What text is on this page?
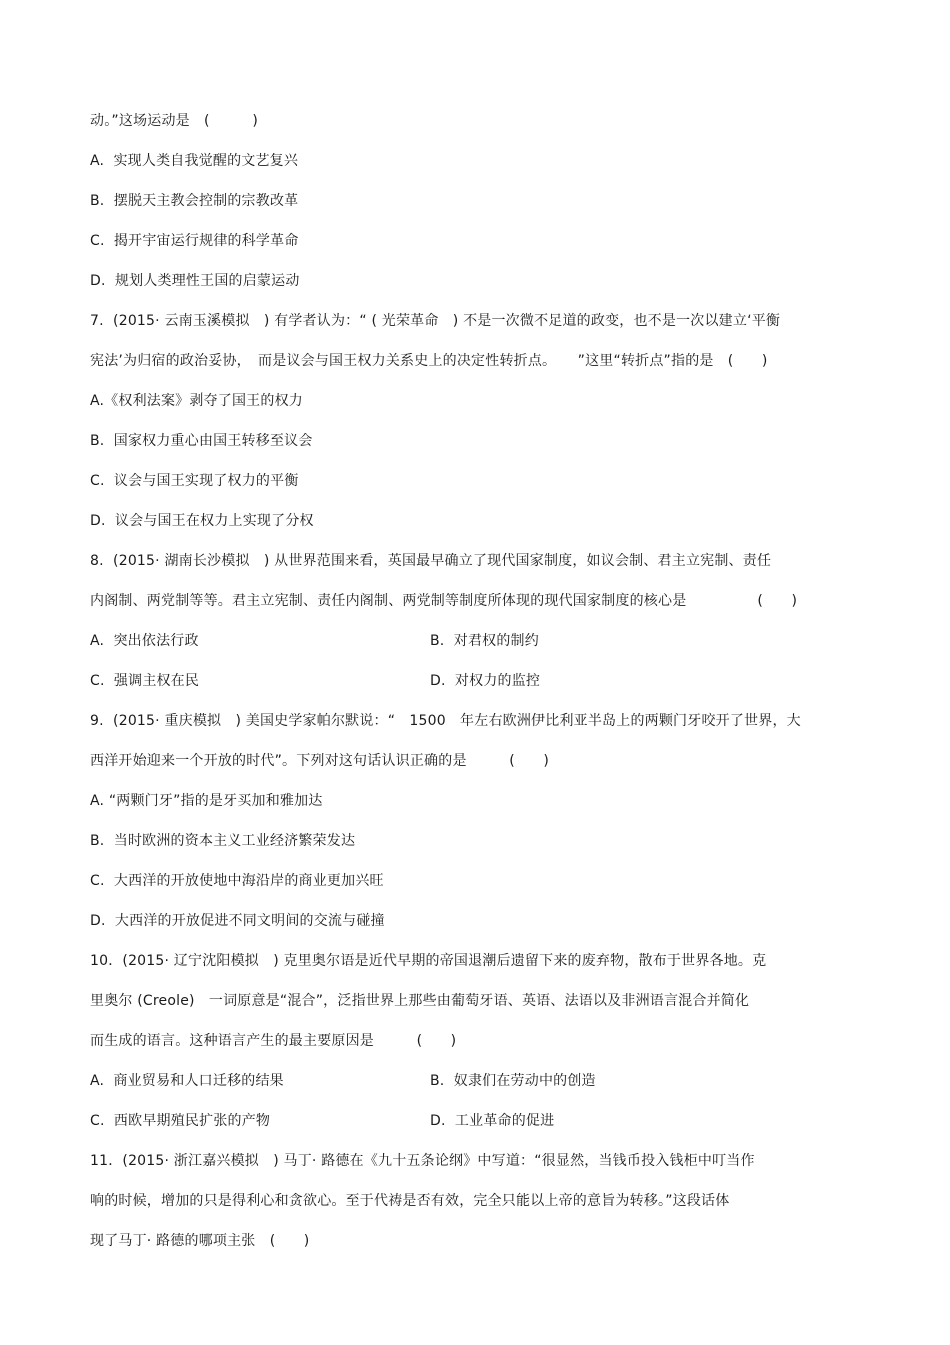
动。”这场运动是　(　　　)
A.  实现人类自我觉醒的文艺复兴
B.  摆脱天主教会控制的宗教改革
C.  揭开宇宙运行规律的科学革命
D.  规划人类理性王国的启蒙运动
7.  (2015· 云南玉溪模拟　) 有学者认为：“ ( 光荣革命　) 不是一次微不足道的政变，也不是一次以建立‘平衡
宪法’为归宿的政治妥协，　而是议会与国王权力关系史上的决定性转折点。　　”这里“转折点”指的是　(　　)
A.《权利法案》剥夺了国王的权力
B.  国家权力重心由国王转移至议会
C.  议会与国王实现了权力的平衡
D.  议会与国王在权力上实现了分权
8.  (2015· 湖南长沙模拟　) 从世界范围来看，英国最早确立了现代国家制度，如议会制、君主立宪制、责任
内阁制、两党制等等。君主立宪制、责任内阁制、两党制等制度所体现的现代国家制度的核心是　　　　　(　　)
A.  突出依法行政	B.  对君权的制约
C.  强调主权在民	D.  对权力的监控
9.  (2015· 重庆模拟　) 美国史学家帕尔默说：“　1500　年左右欧洲伊比利亚半岛上的两颗门牙咬开了世界，大
西洋开始迎来一个开放的时代”。下列对这句话认识正确的是　　　(　　)
A. “两颗门牙”指的是牙买加和雅加达
B.  当时欧洲的资本主义工业经济繁荣发达
C.  大西洋的开放使地中海沿岸的商业更加兴旺
D.  大西洋的开放促进不同文明间的交流与碰撞
10．(2015· 辽宁沈阳模拟　) 克里奥尔语是近代早期的帝国退潮后遗留下来的废弃物，散布于世界各地。克
里奥尔 (Creole)　一词原意是“混合”，泛指世界上那些由葡萄牙语、英语、法语以及非洲语言混合并简化
而生成的语言。这种语言产生的最主要原因是　　　(　　)
A.  商业贸易和人口迁移的结果	B.  奴隶们在劳动中的创造
C.  西欧早期殖民扩张的产物	D.  工业革命的促进
11．(2015· 浙江嘉兴模拟　) 马丁· 路德在《九十五条论纲》中写道：“很显然，当钱币投入钱柜中叮当作
响的时候，增加的只是得利心和贪欲心。至于代祷是否有效，完全只能以上帝的意旨为转移。”这段话体
现了马丁· 路德的哪项主张　(　　)
